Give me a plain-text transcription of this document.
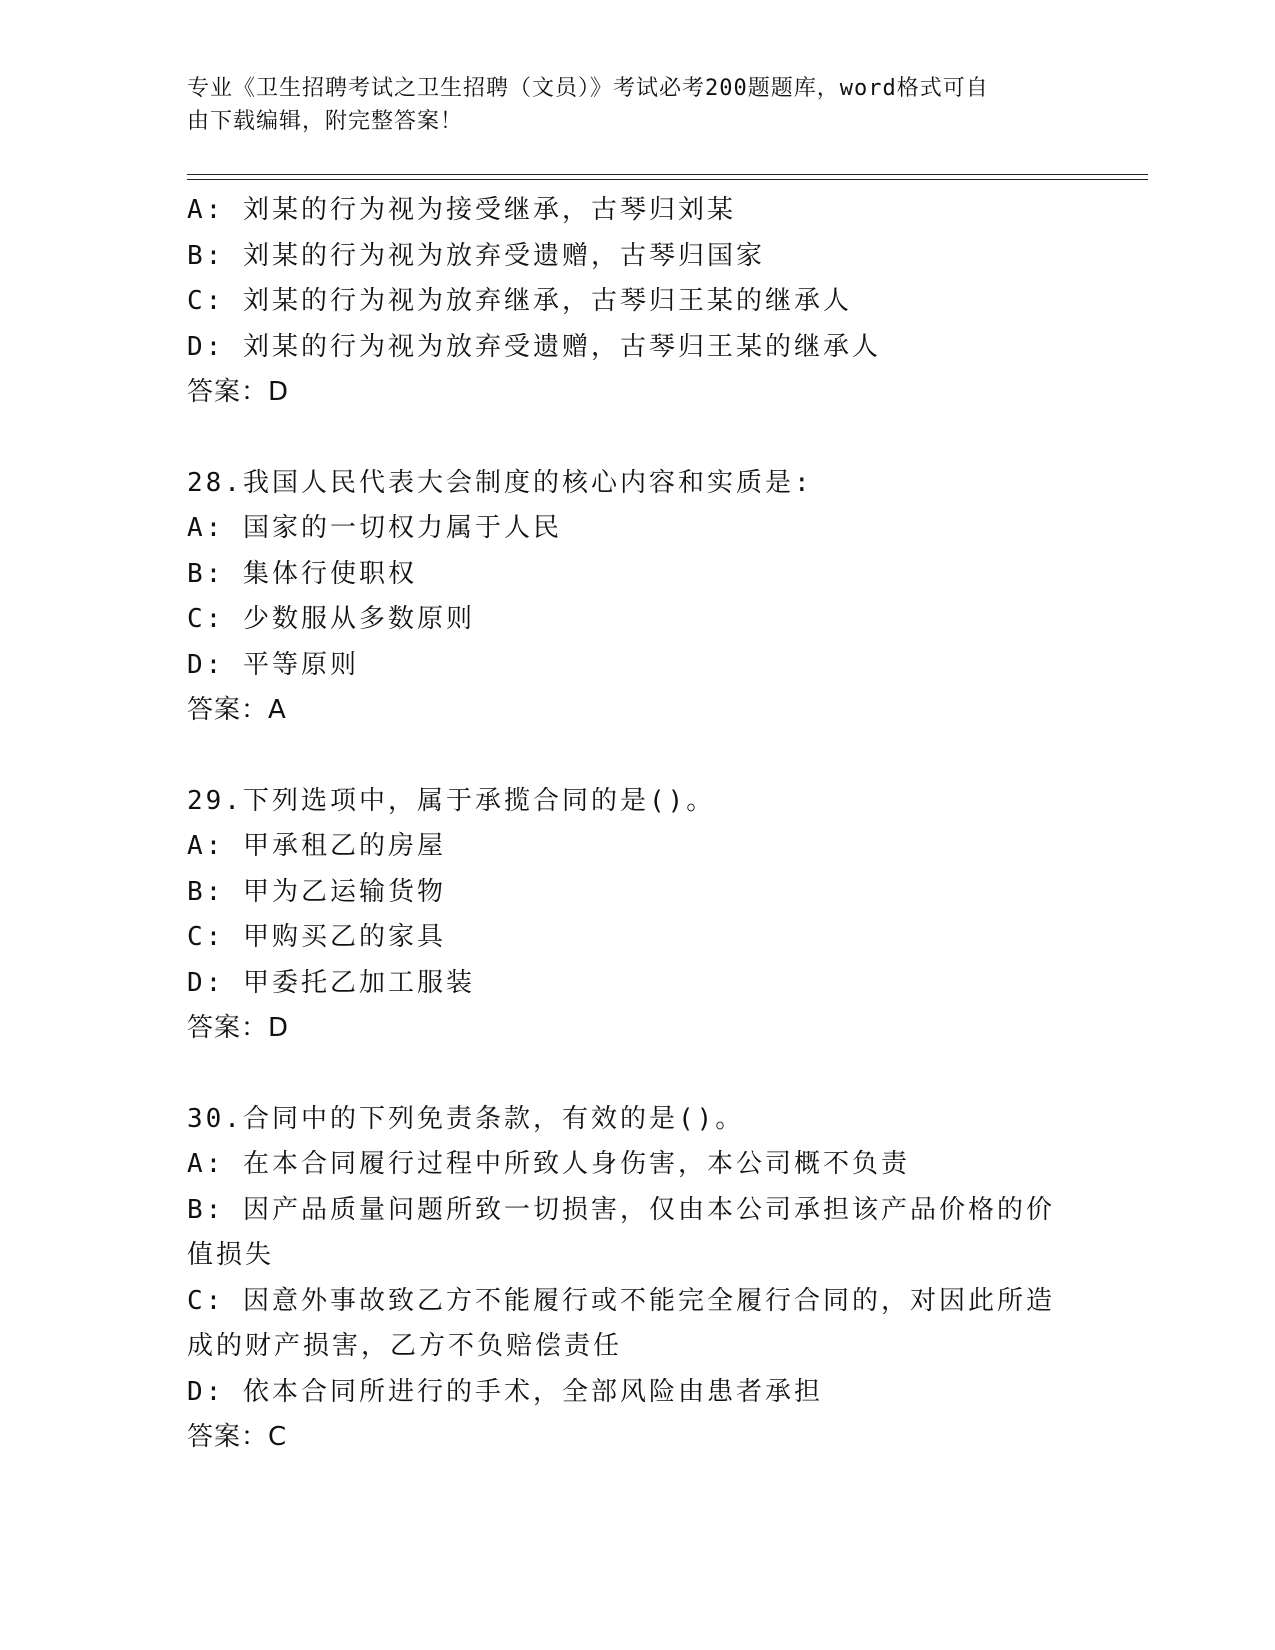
专业《卫生招聘考试之卫生招聘（文员）》考试必考200题题库，word格式可自
由下载编辑，附完整答案！
A: 刘某的行为视为接受继承，古琴归刘某
B: 刘某的行为视为放弃受遗赠，古琴归国家
C: 刘某的行为视为放弃继承，古琴归王某的继承人
D: 刘某的行为视为放弃受遗赠，古琴归王某的继承人
答案：D
28.我国人民代表大会制度的核心内容和实质是:
A: 国家的一切权力属于人民
B: 集体行使职权
C: 少数服从多数原则
D: 平等原则
答案：A
29.下列选项中，属于承揽合同的是()。
A: 甲承租乙的房屋
B: 甲为乙运输货物
C: 甲购买乙的家具
D: 甲委托乙加工服装
答案：D
30.合同中的下列免责条款，有效的是()。
A: 在本合同履行过程中所致人身伤害，本公司概不负责
B: 因产品质量问题所致一切损害，仅由本公司承担该产品价格的价值损失
C: 因意外事故致乙方不能履行或不能完全履行合同的，对因此所造成的财产损害，乙方不负赔偿责任
D: 依本合同所进行的手术，全部风险由患者承担
答案：C
